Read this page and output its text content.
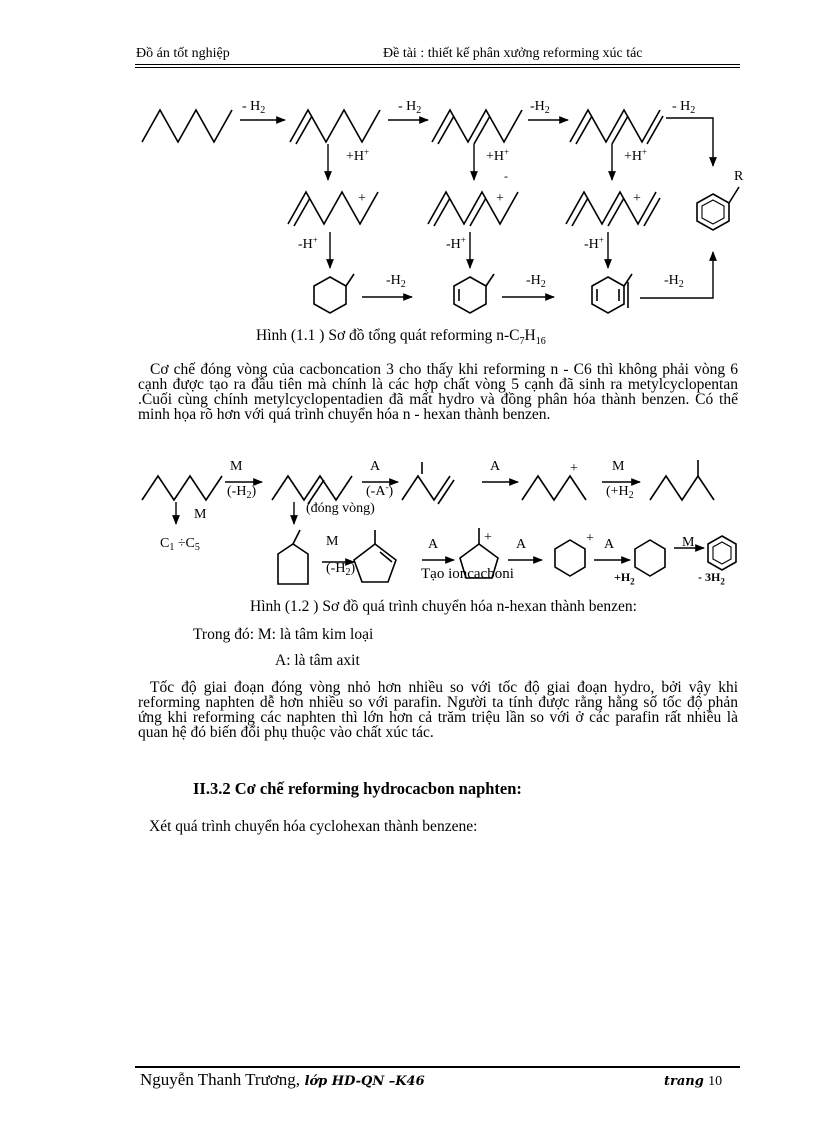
Đồ án tốt nghiệp	Đề tài : thiết kế phân xưởng reforming xúc tác
- $H_2$	- $H_2$	$-H_2$	- $H_2$
+H+	+H+
-
+H+
+	+	+
R
-H+	-H+	-H+
$-H_2$	$-H_2$	$-H_2$
Hình (1.1 ) Sơ đồ tổng quát reforming $n-C_7H_{16}$

Cơ chế đóng vòng của cacboncation 3 cho thấy khi reforming n - C6 thì không phải vòng 6 cạnh được tạo ra đầu tiên mà chính là các hợp chất vòng 5 cạnh đã sinh ra metylcyclopentan .Cuối cùng chính metylcyclopentadien đã mất hydro và đồng phân hóa thành benzen. Có thể minh họa rõ hơn với quá trình chuyển hóa n - hexan thành benzen.

M
$(-H_2)$
M
$C_1 \div C_5$
(đóng vòng)
A
(-A-)
A	+ M
($+H_2$
M
$(-H_2)$
A	+ A	+ A	M
Tạo ioncacboni	$+H_2$	- $3H_2$
Hình (1.2 ) Sơ đồ quá trình chuyển hóa n-hexan thành benzen:
Trong đó: M: là tâm kim loại
A: là tâm axit

Tốc độ giai đoạn đóng vòng nhỏ hơn nhiều so với tốc độ giai đoạn hydro, bởi vậy khi reforming naphten dễ hơn nhiều so với parafin. Người ta tính được rằng hằng số tốc độ phản ứng khi reforming các naphten thì lớn hơn cả trăm triệu lần so với ở các parafin rất nhiều là quan hệ đó biến đổi phụ thuộc vào chất xúc tác.

II.3.2 Cơ chế reforming hydrocacbon naphten:
Xét quá trình chuyển hóa cyclohexan thành benzene:
Nguyễn Thanh Trương, lớp HD-QN –K46	trang 10
